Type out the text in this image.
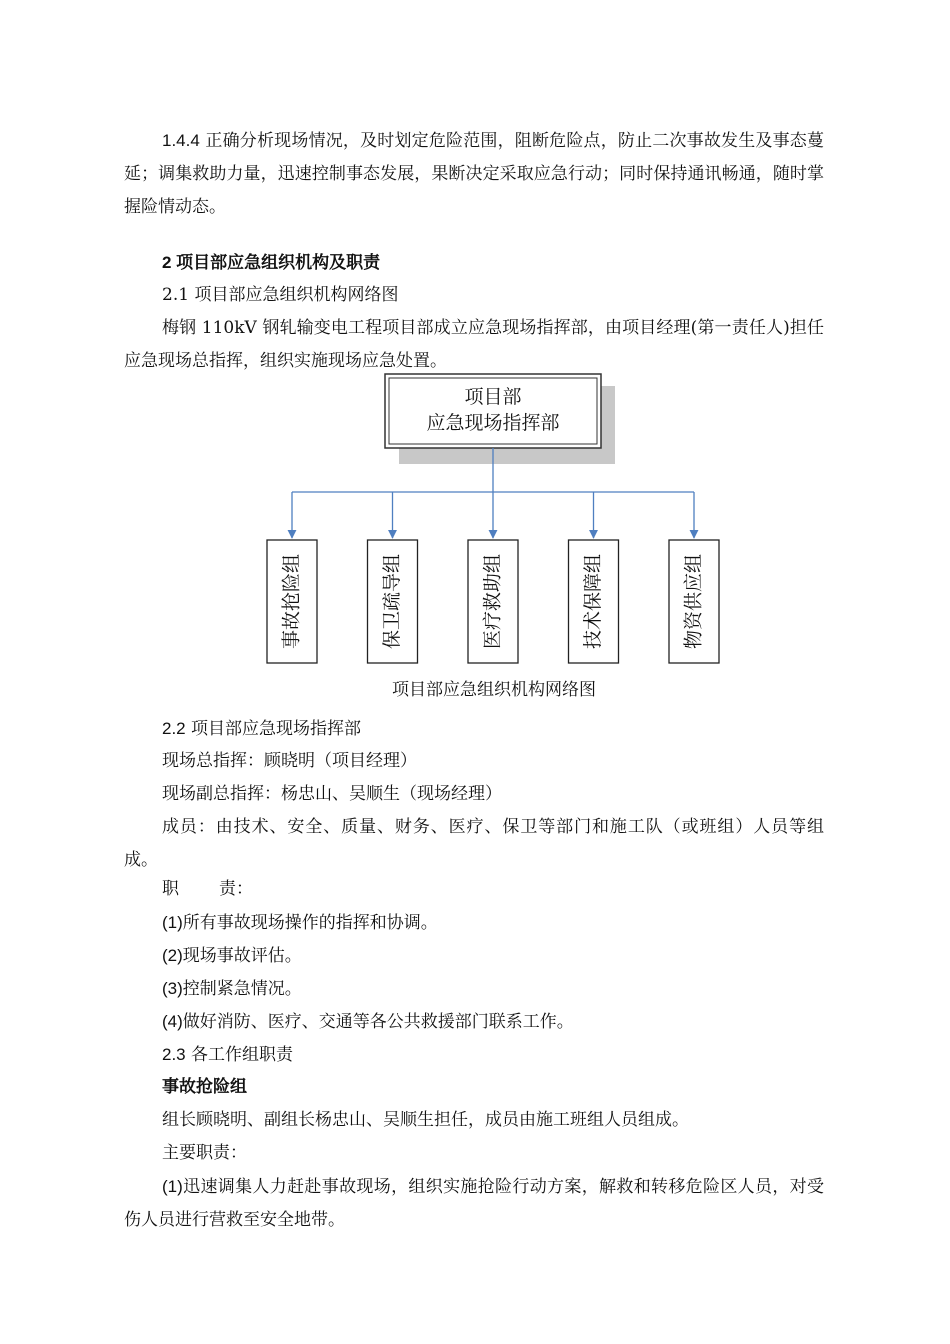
1.4.4 正确分析现场情况，及时划定危险范围，阻断危险点，防止二次事故发生及事态蔓延；调集救助力量，迅速控制事态发展，果断决定采取应急行动；同时保持通讯畅通，随时掌握险情动态。

2 项目部应急组织机构及职责

2.1 项目部应急组织机构网络图

梅钢 110kV 钢轧输变电工程项目部成立应急现场指挥部，由项目经理(第一责任人)担任应急现场总指挥，组织实施现场应急处置。

项目部
应急现场指挥部
事故抢险组	保卫疏导组	医疗救助组	技术保障组	物资供应组
项目部应急组织机构网络图

2.2 项目部应急现场指挥部

现场总指挥：顾晓明（项目经理）

现场副总指挥：杨忠山、吴顺生（现场经理）

成员：由技术、安全、质量、财务、医疗、保卫等部门和施工队（或班组）人员等组成。

职 责：

(1)所有事故现场操作的指挥和协调。

(2)现场事故评估。

(3)控制紧急情况。

(4)做好消防、医疗、交通等各公共救援部门联系工作。

2.3 各工作组职责

事故抢险组

组长顾晓明、副组长杨忠山、吴顺生担任，成员由施工班组人员组成。

主要职责：

(1)迅速调集人力赶赴事故现场，组织实施抢险行动方案，解救和转移危险区人员，对受伤人员进行营救至安全地带。
